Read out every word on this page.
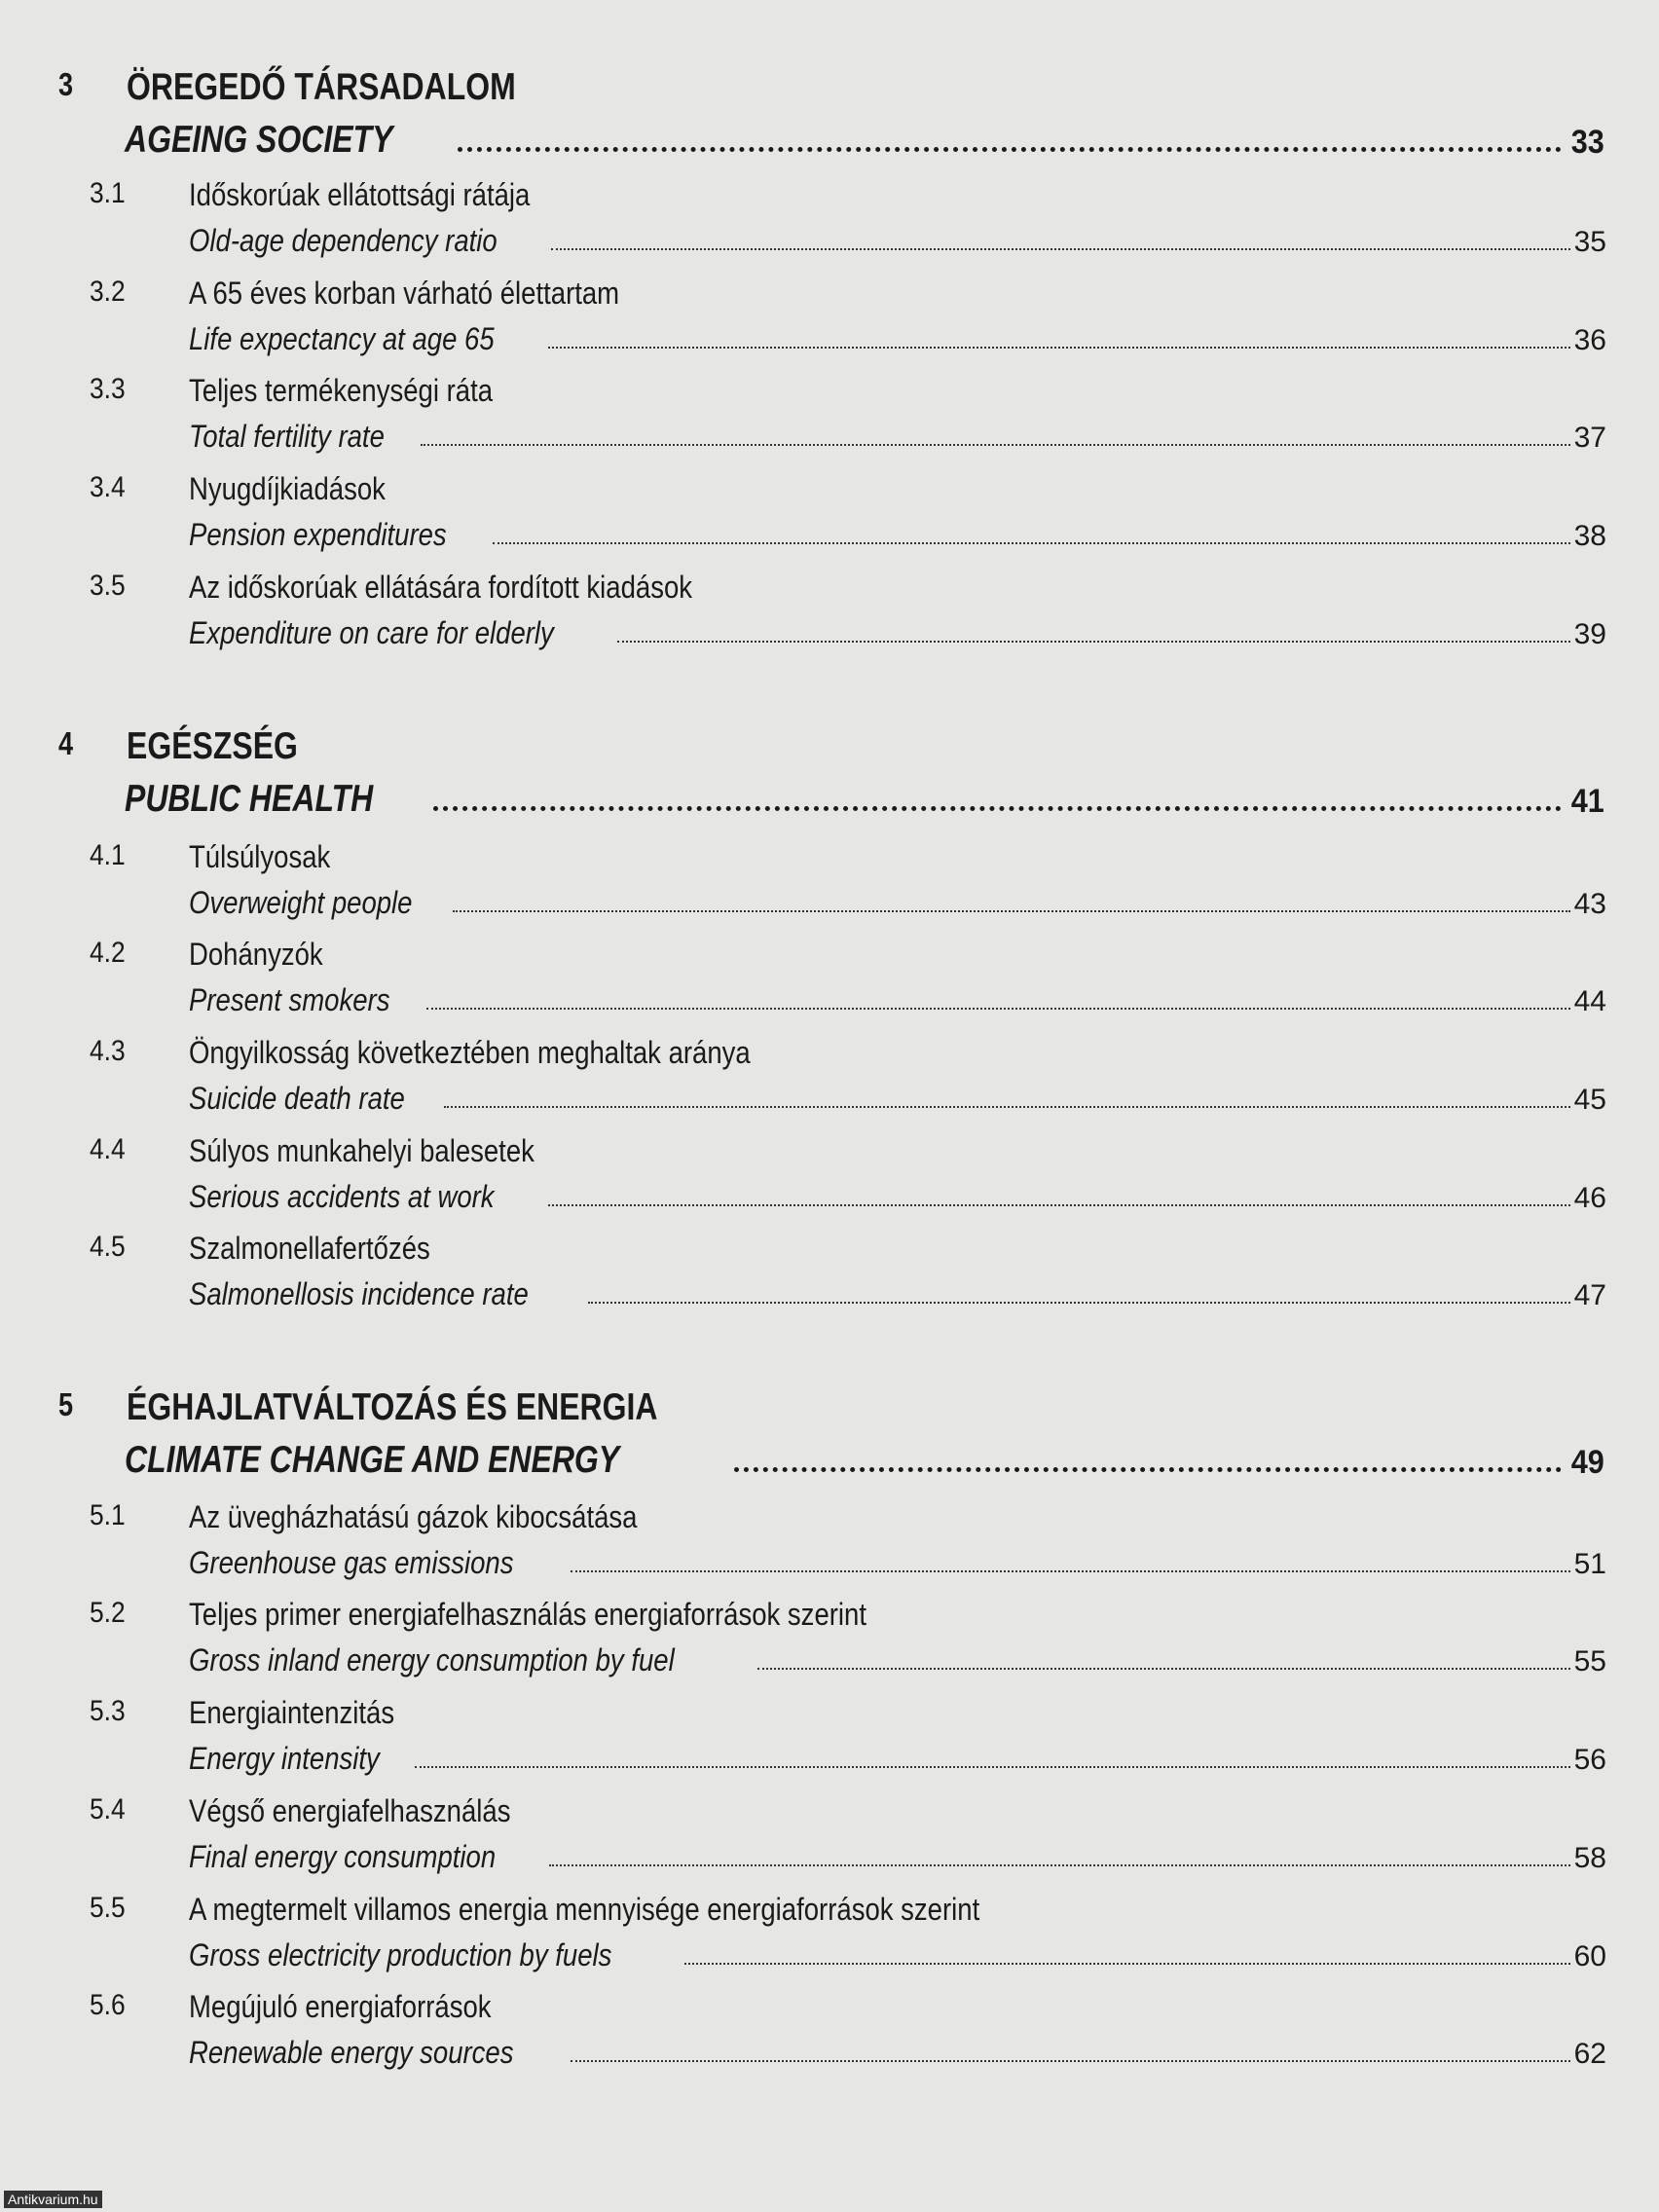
3 ÖREGEDŐ TÁRSADALOM
AGEING SOCIETY	33
3.1 Időskorúak ellátottsági rátája
Old-age dependency ratio	35
3.2 A 65 éves korban várható élettartam
Life expectancy at age 65	36
3.3 Teljes termékenységi ráta
Total fertility rate	37
3.4 Nyugdíjkiadások
Pension expenditures	38
3.5 Az időskorúak ellátására fordított kiadások
Expenditure on care for elderly	39
4 EGÉSZSÉG
PUBLIC HEALTH	41
4.1 Túlsúlyosak
Overweight people	43
4.2 Dohányzók
Present smokers	44
4.3 Öngyilkosság következtében meghaltak aránya
Suicide death rate	45
4.4 Súlyos munkahelyi balesetek
Serious accidents at work	46
4.5 Szalmonellafertőzés
Salmonellosis incidence rate	47
5 ÉGHAJLATVÁLTOZÁS ÉS ENERGIA
CLIMATE CHANGE AND ENERGY	49
5.1 Az üvegházhatású gázok kibocsátása
Greenhouse gas emissions	51
5.2 Teljes primer energiafelhasználás energiaforrások szerint
Gross inland energy consumption by fuel	55
5.3 Energiaintenzitás
Energy intensity	56
5.4 Végső energiafelhasználás
Final energy consumption	58
5.5 A megtermelt villamos energia mennyisége energiaforrások szerint
Gross electricity production by fuels	60
5.6 Megújuló energiaforrások
Renewable energy sources	62
Antikvarium.hu
